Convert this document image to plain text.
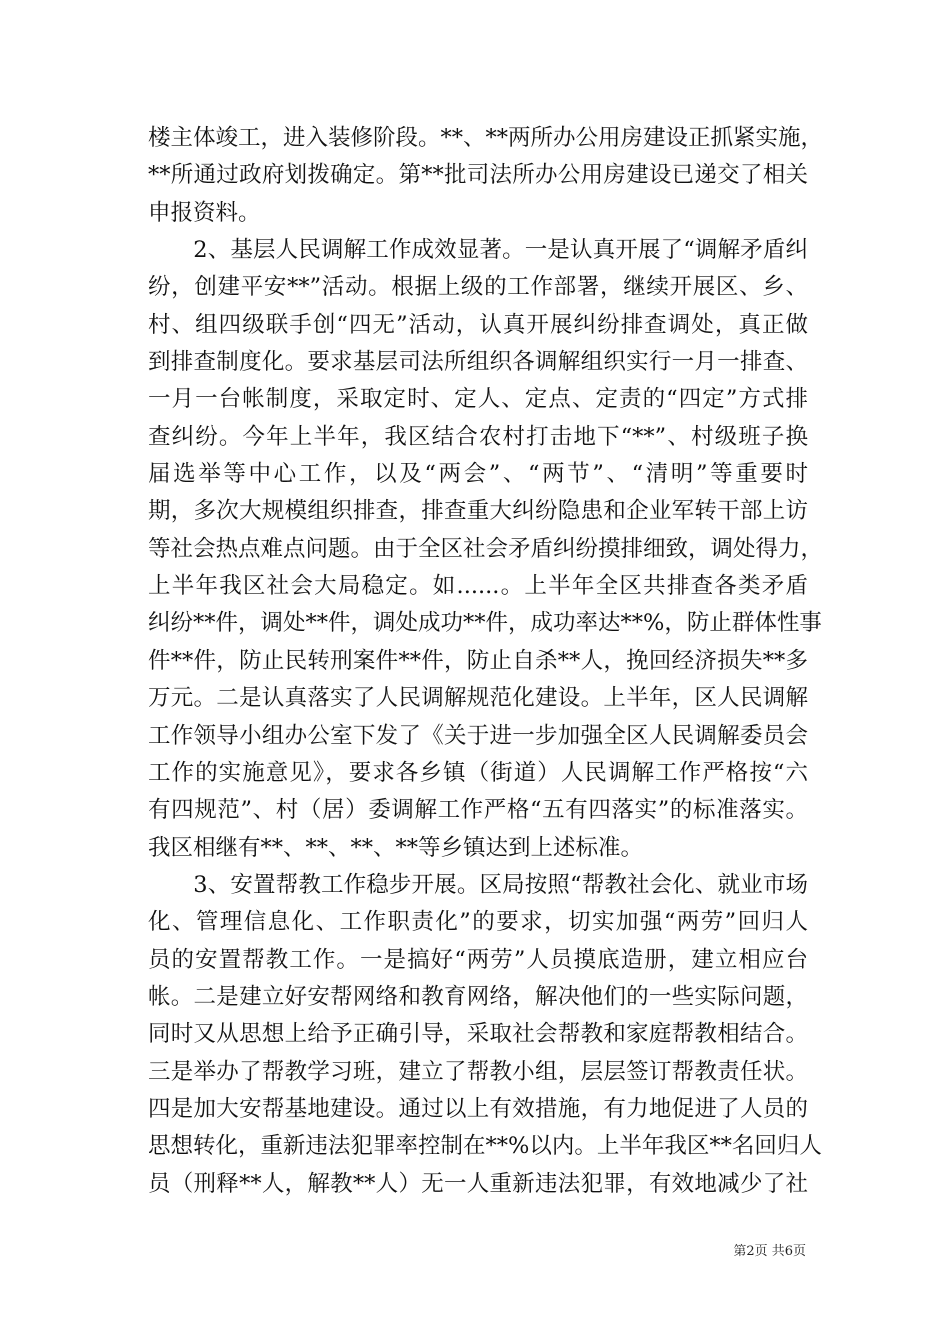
楼主体竣工，进入装修阶段。**、**两所办公用房建设正抓紧实施，
**所通过政府划拨确定。第**批司法所办公用房建设已递交了相关
申报资料。
　　2、基层人民调解工作成效显著。一是认真开展了“调解矛盾纠
纷，创建平安**”活动。根据上级的工作部署，继续开展区、乡、
村、组四级联手创“四无”活动，认真开展纠纷排查调处，真正做
到排查制度化。要求基层司法所组织各调解组织实行一月一排查、
一月一台帐制度，采取定时、定人、定点、定责的“四定”方式排
查纠纷。今年上半年，我区结合农村打击地下“**”、村级班子换
届选举等中心工作，以及“两会”、“两节”、“清明”等重要时
期，多次大规模组织排查，排查重大纠纷隐患和企业军转干部上访
等社会热点难点问题。由于全区社会矛盾纠纷摸排细致，调处得力，
上半年我区社会大局稳定。如......。上半年全区共排查各类矛盾
纠纷**件，调处**件，调处成功**件，成功率达**%，防止群体性事
件**件，防止民转刑案件**件，防止自杀**人，挽回经济损失**多
万元。二是认真落实了人民调解规范化建设。上半年，区人民调解
工作领导小组办公室下发了《关于进一步加强全区人民调解委员会
工作的实施意见》，要求各乡镇（街道）人民调解工作严格按“六
有四规范”、村（居）委调解工作严格“五有四落实”的标准落实。
我区相继有**、**、**、**等乡镇达到上述标准。
　　3、安置帮教工作稳步开展。区局按照“帮教社会化、就业市场
化、管理信息化、工作职责化”的要求，切实加强“两劳”回归人
员的安置帮教工作。一是搞好“两劳”人员摸底造册，建立相应台
帐。二是建立好安帮网络和教育网络，解决他们的一些实际问题，
同时又从思想上给予正确引导，采取社会帮教和家庭帮教相结合。
三是举办了帮教学习班，建立了帮教小组，层层签订帮教责任状。
四是加大安帮基地建设。通过以上有效措施，有力地促进了人员的
思想转化，重新违法犯罪率控制在**%以内。上半年我区**名回归人
员（刑释**人，解教**人）无一人重新违法犯罪，有效地减少了社
第2页 共6页
